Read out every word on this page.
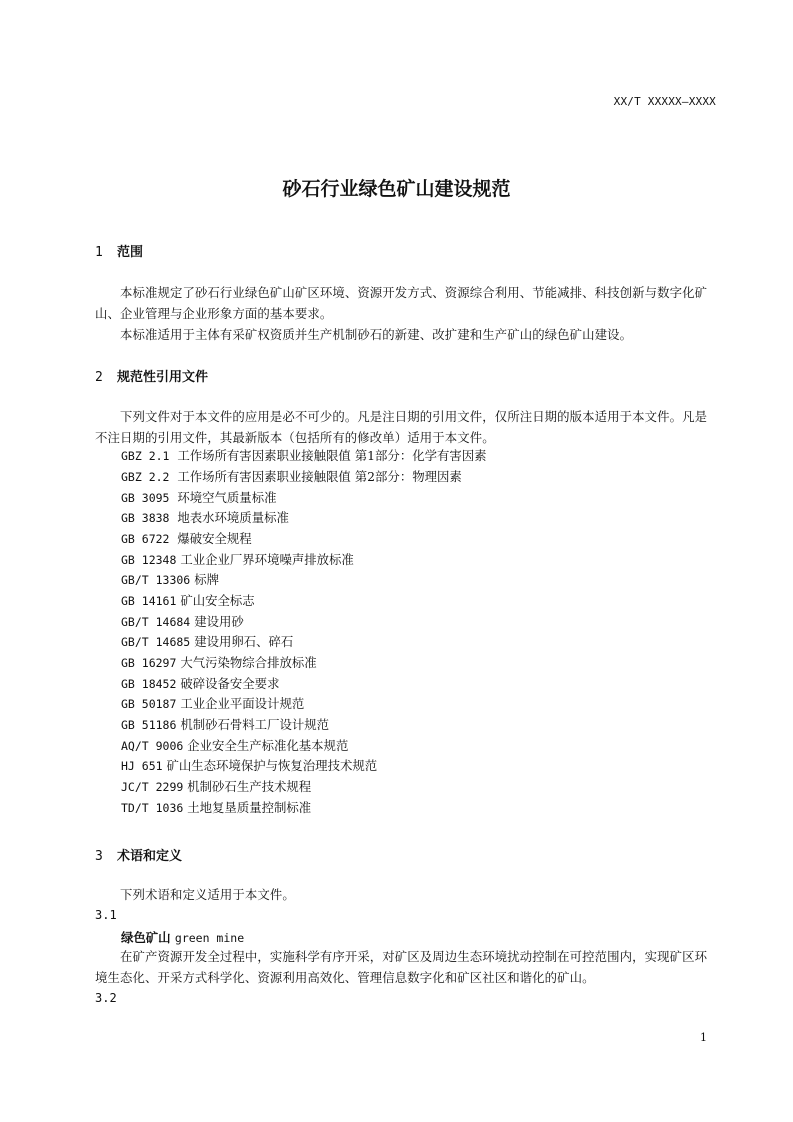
XX/T XXXXX—XXXX
砂石行业绿色矿山建设规范
1 范围
本标准规定了砂石行业绿色矿山矿区环境、资源开发方式、资源综合利用、节能减排、科技创新与数字化矿山、企业管理与企业形象方面的基本要求。
本标准适用于主体有采矿权资质并生产机制砂石的新建、改扩建和生产矿山的绿色矿山建设。
2 规范性引用文件
下列文件对于本文件的应用是必不可少的。凡是注日期的引用文件，仅所注日期的版本适用于本文件。凡是不注日期的引用文件，其最新版本（包括所有的修改单）适用于本文件。
GBZ 2.1 工作场所有害因素职业接触限值 第1部分：化学有害因素
GBZ 2.2 工作场所有害因素职业接触限值 第2部分：物理因素
GB 3095 环境空气质量标准
GB 3838 地表水环境质量标准
GB 6722 爆破安全规程
GB 12348 工业企业厂界环境噪声排放标准
GB/T 13306 标牌
GB 14161 矿山安全标志
GB/T 14684 建设用砂
GB/T 14685 建设用卵石、碎石
GB 16297 大气污染物综合排放标准
GB 18452 破碎设备安全要求
GB 50187 工业企业平面设计规范
GB 51186 机制砂石骨料工厂设计规范
AQ/T 9006 企业安全生产标准化基本规范
HJ 651 矿山生态环境保护与恢复治理技术规范
JC/T 2299 机制砂石生产技术规程
TD/T 1036 土地复垦质量控制标准
3 术语和定义
下列术语和定义适用于本文件。
3.1
绿色矿山 green mine
在矿产资源开发全过程中，实施科学有序开采，对矿区及周边生态环境扰动控制在可控范围内，实现矿区环境生态化、开采方式科学化、资源利用高效化、管理信息数字化和矿区社区和谐化的矿山。
3.2
1
